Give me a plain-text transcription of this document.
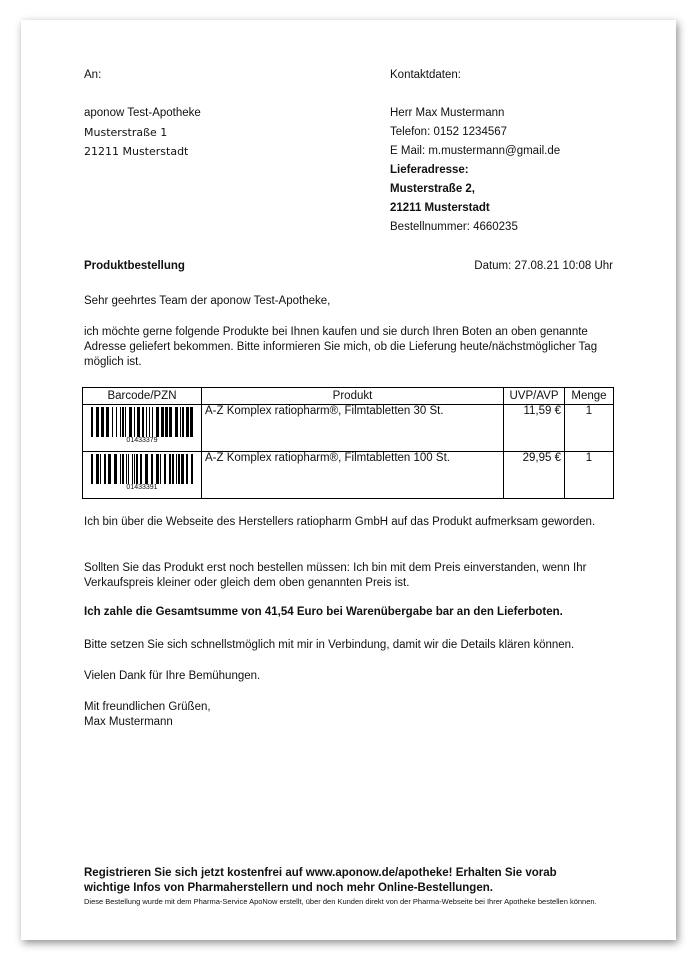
An:
aponow Test-Apotheke
Musterstraße 1
21211 Musterstadt
Kontaktdaten:
Herr Max Mustermann
Telefon: 0152 1234567
E Mail: m.mustermann@gmail.de
Lieferadresse:
Musterstraße 2,
21211 Musterstadt
Bestellnummer: 4660235
Produktbestellung	Datum: 27.08.21 10:08 Uhr
Sehr geehrtes Team der aponow Test-Apotheke,
ich möchte gerne folgende Produkte bei Ihnen kaufen und sie durch Ihren Boten an oben genannte Adresse geliefert bekommen. Bitte informieren Sie mich, ob die Lieferung heute/nächstmöglicher Tag möglich ist.
Barcode/PZN	Produkt	UVP/AVP	Menge

01433379	A-Z Komplex ratiopharm®, Filmtabletten 30 St.	11,59 €	1

01433391	A-Z Komplex ratiopharm®, Filmtabletten 100 St.	29,95 €	1
Ich bin über die Webseite des Herstellers ratiopharm GmbH auf das Produkt aufmerksam geworden.
Sollten Sie das Produkt erst noch bestellen müssen: Ich bin mit dem Preis einverstanden, wenn Ihr Verkaufspreis kleiner oder gleich dem oben genannten Preis ist.
Ich zahle die Gesamtsumme von 41,54 Euro bei Warenübergabe bar an den Lieferboten.
Bitte setzen Sie sich schnellstmöglich mit mir in Verbindung, damit wir die Details klären können.
Vielen Dank für Ihre Bemühungen.
Mit freundlichen Grüßen,
Max Mustermann
Registrieren Sie sich jetzt kostenfrei auf www.aponow.de/apotheke! Erhalten Sie vorab wichtige Infos von Pharmaherstellern und noch mehr Online-Bestellungen.
Diese Bestellung wurde mit dem Pharma-Service ApoNow erstellt, über den Kunden direkt von der Pharma-Webseite bei Ihrer Apotheke bestellen können.
